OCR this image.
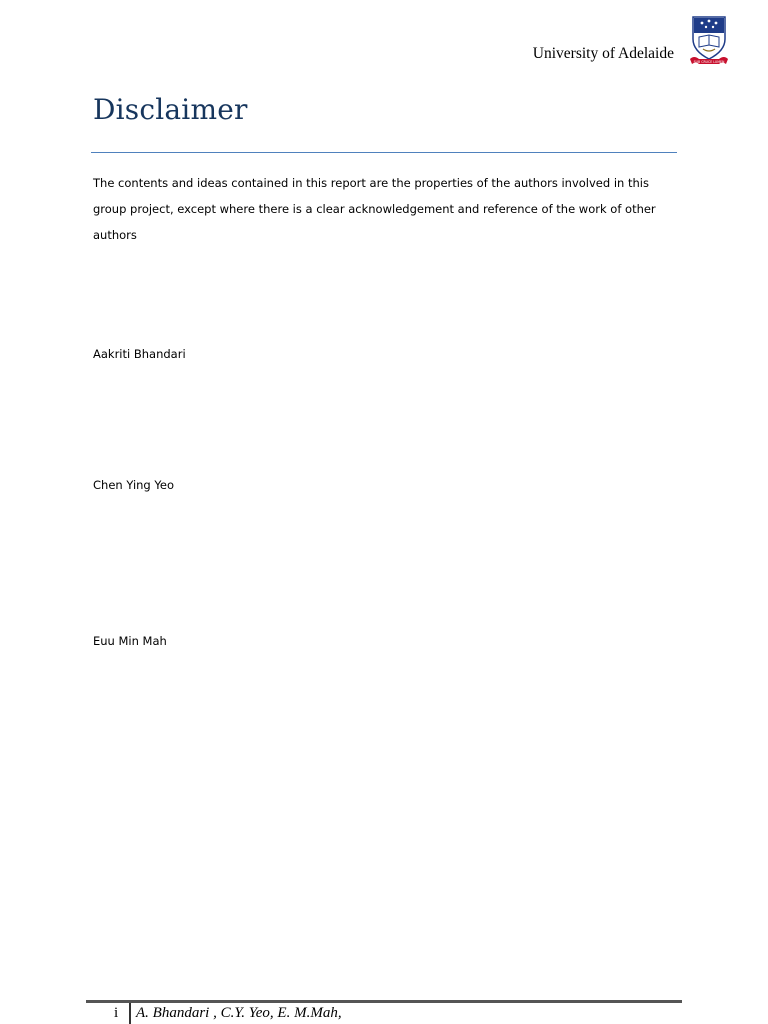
University of Adelaide	SUB CRUCE LUMEN
Disclaimer
The contents and ideas contained in this report are the properties of the authors involved in this group project, except where there is a clear acknowledgement and reference of the work of other authors
Aakriti Bhandari
Chen Ying Yeo
Euu Min Mah
i A. Bhandari , C.Y. Yeo, E. M.Mah,
